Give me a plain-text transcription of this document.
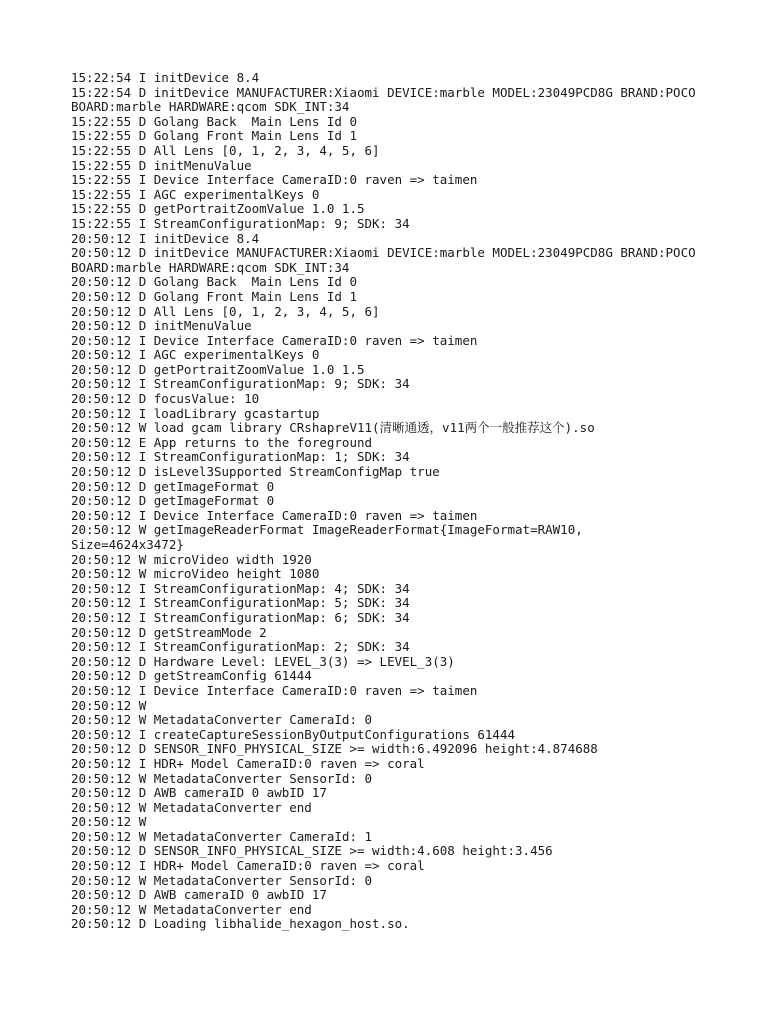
15:22:54 I initDevice 8.4
15:22:54 D initDevice MANUFACTURER:Xiaomi DEVICE:marble MODEL:23049PCD8G BRAND:POCO
BOARD:marble HARDWARE:qcom SDK_INT:34
15:22:55 D Golang Back  Main Lens Id 0
15:22:55 D Golang Front Main Lens Id 1
15:22:55 D All Lens [0, 1, 2, 3, 4, 5, 6]
15:22:55 D initMenuValue
15:22:55 I Device Interface CameraID:0 raven => taimen
15:22:55 I AGC experimentalKeys 0
15:22:55 D getPortraitZoomValue 1.0 1.5
15:22:55 I StreamConfigurationMap: 9; SDK: 34
20:50:12 I initDevice 8.4
20:50:12 D initDevice MANUFACTURER:Xiaomi DEVICE:marble MODEL:23049PCD8G BRAND:POCO
BOARD:marble HARDWARE:qcom SDK_INT:34
20:50:12 D Golang Back  Main Lens Id 0
20:50:12 D Golang Front Main Lens Id 1
20:50:12 D All Lens [0, 1, 2, 3, 4, 5, 6]
20:50:12 D initMenuValue
20:50:12 I Device Interface CameraID:0 raven => taimen
20:50:12 I AGC experimentalKeys 0
20:50:12 D getPortraitZoomValue 1.0 1.5
20:50:12 I StreamConfigurationMap: 9; SDK: 34
20:50:12 D focusValue: 10
20:50:12 I loadLibrary gcastartup
20:50:12 W load gcam library CRshapreV11(清晰通透，v11两个一般推荐这个).so
20:50:12 E App returns to the foreground
20:50:12 I StreamConfigurationMap: 1; SDK: 34
20:50:12 D isLevel3Supported StreamConfigMap true
20:50:12 D getImageFormat 0
20:50:12 D getImageFormat 0
20:50:12 I Device Interface CameraID:0 raven => taimen
20:50:12 W getImageReaderFormat ImageReaderFormat{ImageFormat=RAW10,
Size=4624x3472}
20:50:12 W microVideo width 1920
20:50:12 W microVideo height 1080
20:50:12 I StreamConfigurationMap: 4; SDK: 34
20:50:12 I StreamConfigurationMap: 5; SDK: 34
20:50:12 I StreamConfigurationMap: 6; SDK: 34
20:50:12 D getStreamMode 2
20:50:12 I StreamConfigurationMap: 2; SDK: 34
20:50:12 D Hardware Level: LEVEL_3(3) => LEVEL_3(3)
20:50:12 D getStreamConfig 61444
20:50:12 I Device Interface CameraID:0 raven => taimen
20:50:12 W
20:50:12 W MetadataConverter CameraId: 0
20:50:12 I createCaptureSessionByOutputConfigurations 61444
20:50:12 D SENSOR_INFO_PHYSICAL_SIZE >= width:6.492096 height:4.874688
20:50:12 I HDR+ Model CameraID:0 raven => coral
20:50:12 W MetadataConverter SensorId: 0
20:50:12 D AWB cameraID 0 awbID 17
20:50:12 W MetadataConverter end
20:50:12 W
20:50:12 W MetadataConverter CameraId: 1
20:50:12 D SENSOR_INFO_PHYSICAL_SIZE >= width:4.608 height:3.456
20:50:12 I HDR+ Model CameraID:0 raven => coral
20:50:12 W MetadataConverter SensorId: 0
20:50:12 D AWB cameraID 0 awbID 17
20:50:12 W MetadataConverter end
20:50:12 D Loading libhalide_hexagon_host.so.
